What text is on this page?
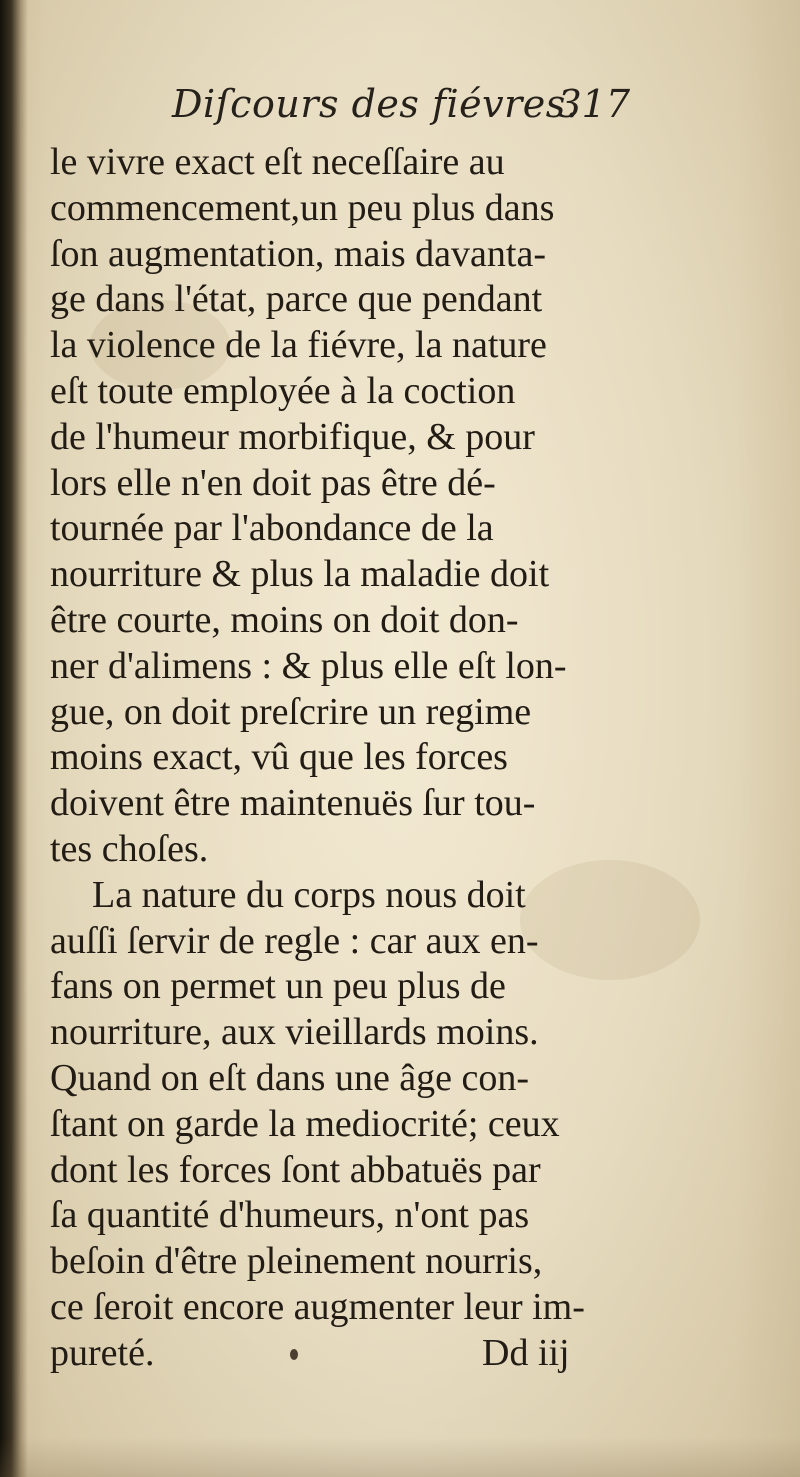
Diſcours des fiévres.
317
le vivre exact eſt neceſſaire au
commencement,un peu plus dans
ſon augmentation, mais davanta-
ge dans l'état, parce que pendant
la violence de la fiévre, la nature
eſt toute employée à la coction
de l'humeur morbifique, & pour
lors elle n'en doit pas être dé-
tournée par l'abondance de la
nourriture & plus la maladie doit
être courte, moins on doit don-
ner d'alimens : & plus elle eſt lon-
gue, on doit preſcrire un regime
moins exact, vû que les forces
doivent être maintenuës ſur tou-
tes choſes.
La nature du corps nous doit
auſſi ſervir de regle : car aux en-
fans on permet un peu plus de
nourriture, aux vieillards moins.
Quand on eſt dans une âge con-
ſtant on garde la mediocrité; ceux
dont les forces ſont abbatuës par
ſa quantité d'humeurs, n'ont pas
beſoin d'être pleinement nourris,
ce ſeroit encore augmenter leur im-
pureté.	Dd iij
